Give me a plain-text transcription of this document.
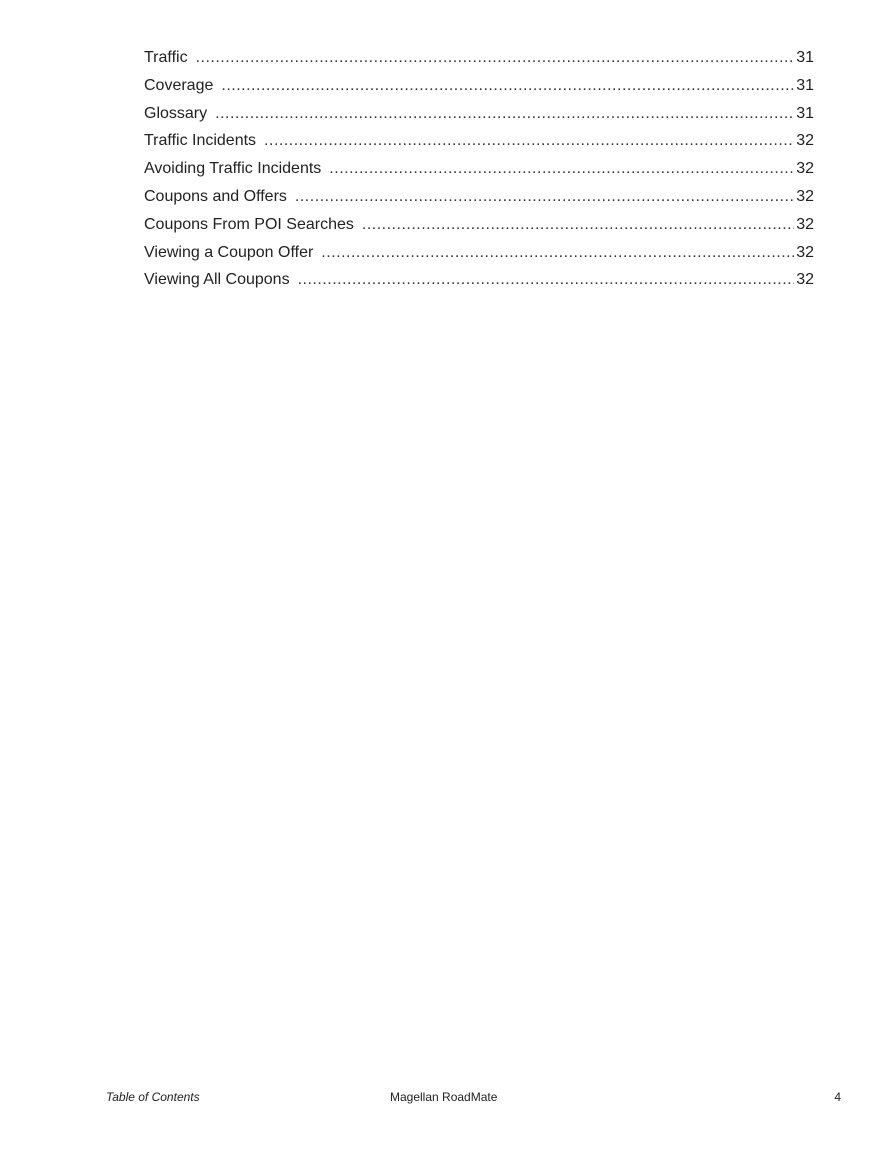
Traffic .....	31
Coverage .....	31
Glossary .....	31
Traffic Incidents .....	32
Avoiding Traffic Incidents .....	32
Coupons and Offers .....	32
Coupons From POI Searches .....	32
Viewing a Coupon Offer .....	32
Viewing All Coupons .....	32
Table of Contents	Magellan RoadMate	4
